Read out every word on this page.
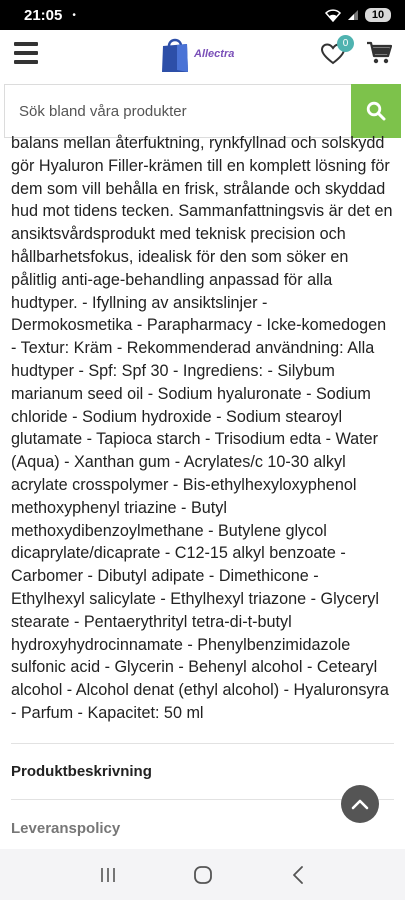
21:05 •	10
Allectra
0
Sök bland våra produkter
balans mellan återfuktning, rynkfyllnad och solskydd gör Hyaluron Filler-krämen till en komplett lösning för dem som vill behålla en frisk, strålande och skyddad hud mot tidens tecken. Sammanfattningsvis är det en ansiktsvårdsprodukt med teknisk precision och hållbarhetsfokus, idealisk för den som söker en pålitlig anti-age-behandling anpassad för alla hudtyper. - Ifyllning av ansiktslinjer - Dermokosmetika - Parapharmacy - Icke-komedogen - Textur: Kräm - Rekommenderad användning: Alla hudtyper - Spf: Spf 30 - Ingrediens: - Silybum marianum seed oil - Sodium hyaluronate - Sodium chloride - Sodium hydroxide - Sodium stearoyl glutamate - Tapioca starch - Trisodium edta - Water (Aqua) - Xanthan gum - Acrylates/c 10-30 alkyl acrylate crosspolymer - Bis-ethylhexyloxyphenol methoxyphenyl triazine - Butyl methoxydibenzoylmethane - Butylene glycol dicaprylate/dicaprate - C12-15 alkyl benzoate - Carbomer - Dibutyl adipate - Dimethicone - Ethylhexyl salicylate - Ethylhexyl triazone - Glyceryl stearate - Pentaerythrityl tetra-di-t-butyl hydroxyhydrocinnamate - Phenylbenzimidazole sulfonic acid - Glycerin - Behenyl alcohol - Cetearyl alcohol - Alcohol denat (ethyl alcohol) - Hyaluronsyra - Parfum - Kapacitet: 50 ml
Produktbeskrivning
Leveranspolicy
